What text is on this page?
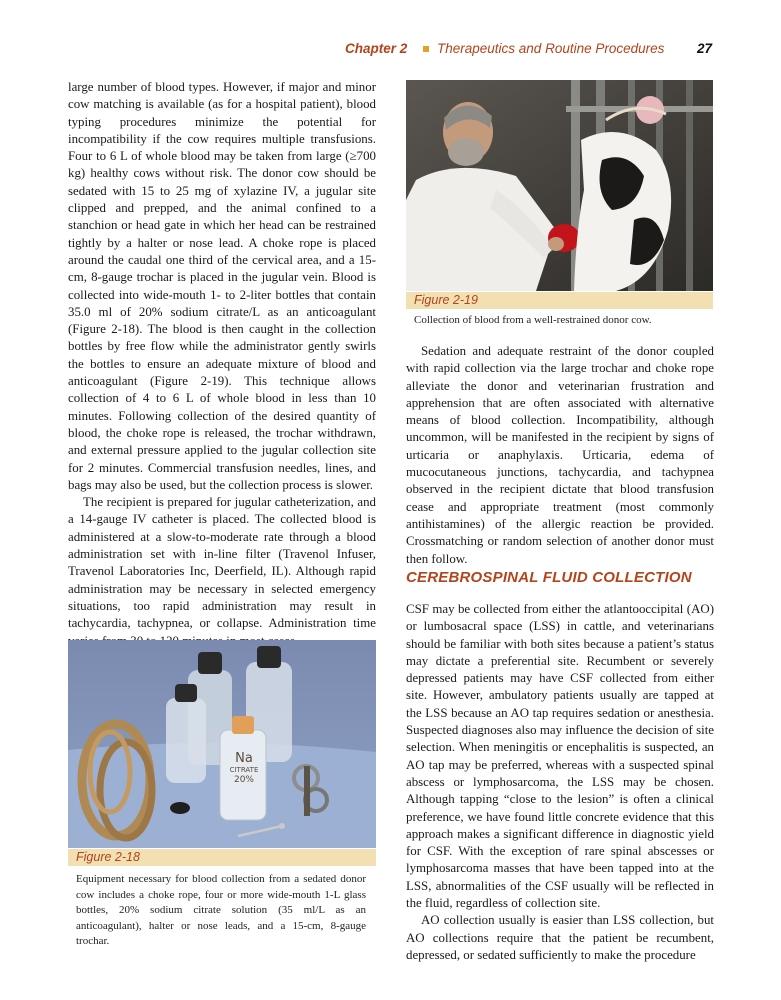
Chapter 2 Therapeutics and Routine Procedures 27

large number of blood types. However, if major and minor cow matching is available (as for a hospital patient), blood typing procedures minimize the potential for incompatibility if the cow requires multiple transfusions. Four to 6 L of whole blood may be taken from large (≥700 kg) healthy cows without risk. The donor cow should be sedated with 15 to 25 mg of xylazine IV, a jugular site clipped and prepped, and the animal confined to a stanchion or head gate in which her head can be restrained tightly by a halter or nose lead. A choke rope is placed around the caudal one third of the cervical area, and a 15-cm, 8-gauge trochar is placed in the jugular vein. Blood is collected into wide-mouth 1- to 2-liter bottles that contain 35.0 ml of 20% sodium citrate/L as an anticoagulant (Figure 2-18). The blood is then caught in the collection bottles by free flow while the administrator gently swirls the bottles to ensure an adequate mixture of blood and anticoagulant (Figure 2-19). This technique allows collection of 4 to 6 L of whole blood in less than 10 minutes. Following collection of the desired quantity of blood, the choke rope is released, the trochar withdrawn, and external pressure applied to the jugular collection site for 2 minutes. Commercial transfusion needles, lines, and bags may also be used, but the collection process is slower.

The recipient is prepared for jugular catheterization, and a 14-gauge IV catheter is placed. The collected blood is administered at a slow-to-moderate rate through a blood administration set with in-line filter (Travenol Infuser, Travenol Laboratories Inc, Deerfield, IL). Although rapid administration may be necessary in selected emergency situations, too rapid administration may result in tachycardia, tachypnea, or collapse. Administration time

Figure 2-19
Collection of blood from a well-restrained donor cow.

Sedation and adequate restraint of the donor coupled with rapid collection via the large trochar and choke rope alleviate the donor and veterinarian frustration and apprehension that are often associated with alternative means of blood collection. Incompatibility, although uncommon, will be manifested in the recipient by signs of urticaria or anaphylaxis. Urticaria, edema of mucocutaneous junctions, tachycardia, and tachypnea observed in the recipient dictate that blood transfusion cease and appropriate treatment (most commonly antihistamines) of the allergic reaction be provided. Crossmatching or random selection of another donor must then follow.

CEREBROSPINAL FLUID COLLECTION

CSF may be collected from either the atlantooccipital (AO) or lumbosacral space (LSS) in cattle, and veterinarians should be familiar with both sites because a patient’s status may dictate a preferential site. Recumbent or severely depressed patients may have CSF collected from either site. However, ambulatory patients usually are tapped at the LSS because an AO tap requires sedation or anesthesia. Suspected diagnoses also may influence the decision of site selection. When meningitis or encephalitis is suspected, an AO tap may be preferred, whereas with a suspected spinal abscess or lymphosarcoma, the LSS may be chosen. Although tapping “close to the lesion” is often a clinical preference, we have found little concrete evidence that this approach makes a significant difference in diagnostic yield for CSF. With the exception of rare spinal abscesses or lymphosarcoma masses that have been tapped into at the LSS, abnormalities of the CSF usually will be reflected in the fluid, regardless of collection site.

AO collection usually is easier than LSS collection, but AO collections require that the patient be recumbent, depressed, or sedated sufficiently to make the procedure

Na
CITRATE
20%
Figure 2-18
Equipment necessary for blood collection from a sedated donor cow includes a choke rope, four or more wide-mouth 1-L glass bottles, 20% sodium citrate solution (35 ml/L as an anticoagulant), halter or nose leads, and a 15-cm, 8-gauge trochar.
